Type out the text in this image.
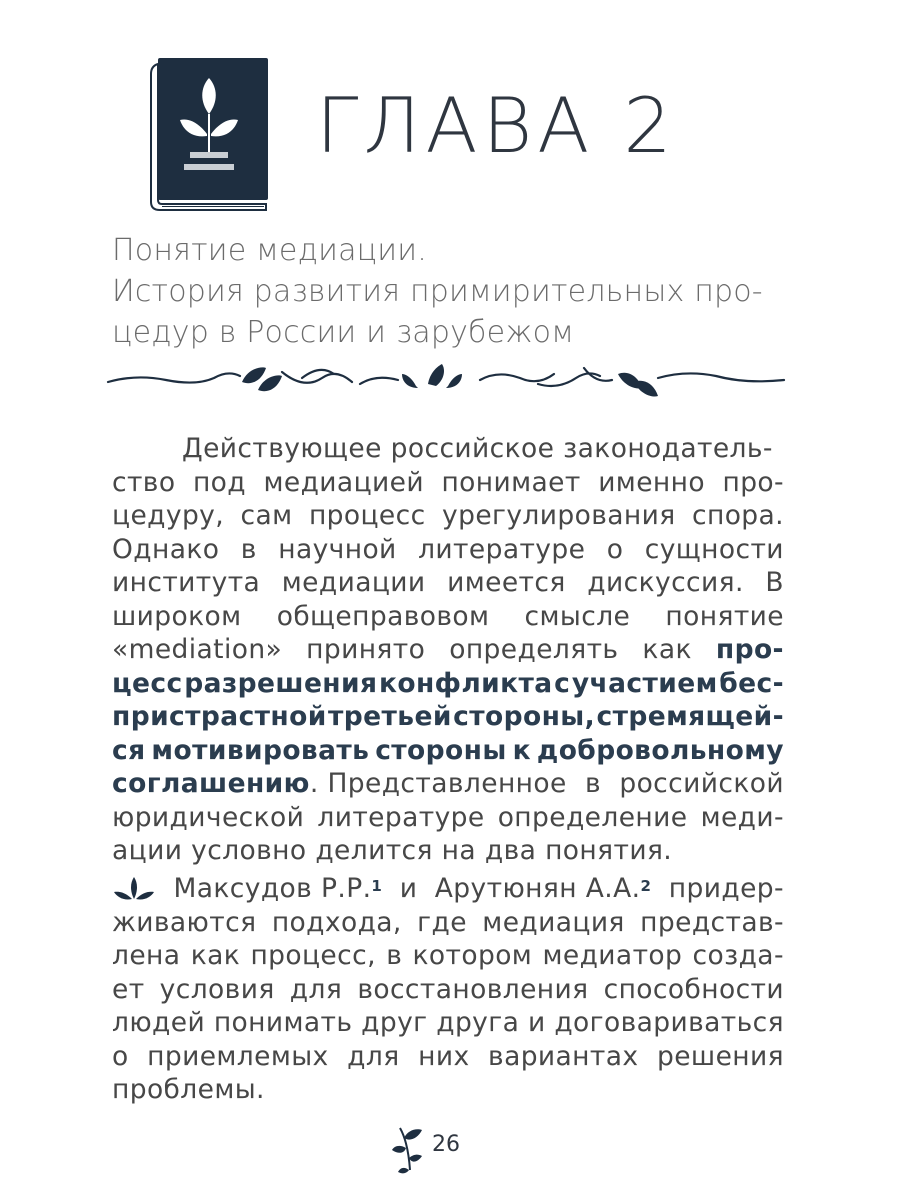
ГЛАВА 2
Понятие медиации.
История развития примирительных про-
цедур в России и зарубежом
Действующее российское законодатель-
ство под медиацией понимает именно про-
цедуру, сам процесс урегулирования спора.
Однако в научной литературе о сущности
института медиации имеется дискуссия. В
широком общеправовом смысле понятие
«mediation» принято определять как про-
цесс разрешения конфликта с участием бес-
пристрастной третьей стороны, стремящей-
ся мотивировать стороны к добровольному
соглашению. Представленное в российской
юридической литературе определение меди-
ации условно делится на два понятия.
Максудов Р.Р.$^1$ и Арутюнян А.А.$^2$ придер-
живаются подхода, где медиация представ-
лена как процесс, в котором медиатор созда-
ет условия для восстановления способности
людей понимать друг друга и договариваться
о приемлемых для них вариантах решения
проблемы.
26
